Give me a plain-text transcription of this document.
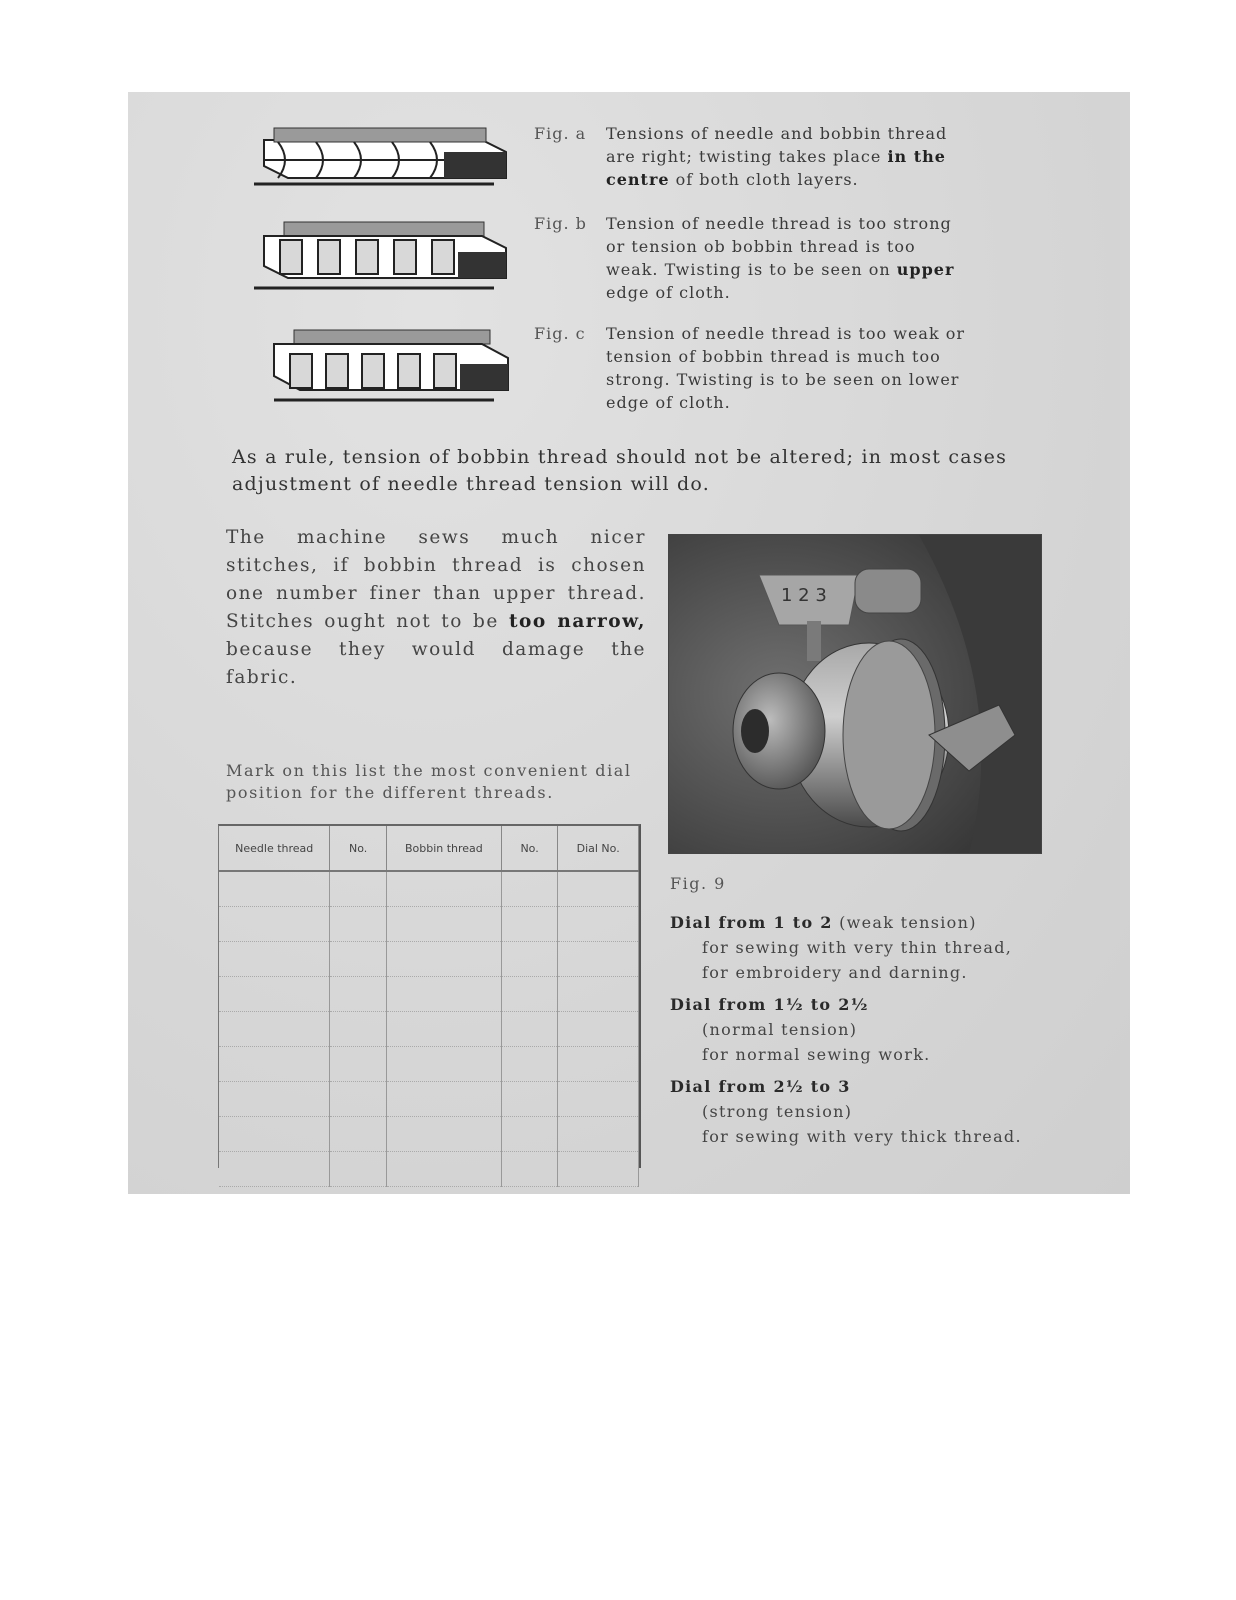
Fig. a	Tensions of needle and bobbin thread are right; twisting takes place in the centre of both cloth layers.
Fig. b	Tension of needle thread is too strong or tension ob bobbin thread is too weak. Twisting is to be seen on upper edge of cloth.
Fig. c	Tension of needle thread is too weak or tension of bobbin thread is much too strong. Twisting is to be seen on lower edge of cloth.
As a rule, tension of bobbin thread should not be altered; in most cases adjustment of needle thread tension will do.
The machine sews much nicer stitches, if bobbin thread is chosen one number finer than upper thread. Stitches ought not to be too narrow, because they would damage the fabric.
Mark on this list the most convenient dial position for the different threads.
Needle thread	No.	Bobbin thread	No.	Dial No.

1 2 3
Fig. 9
Dial from 1 to 2 (weak tension)
for sewing with very thin thread,
for embroidery and darning.
Dial from 1½ to 2½
(normal tension)
for normal sewing work.
Dial from 2½ to 3
(strong tension)
for sewing with very thick thread.
